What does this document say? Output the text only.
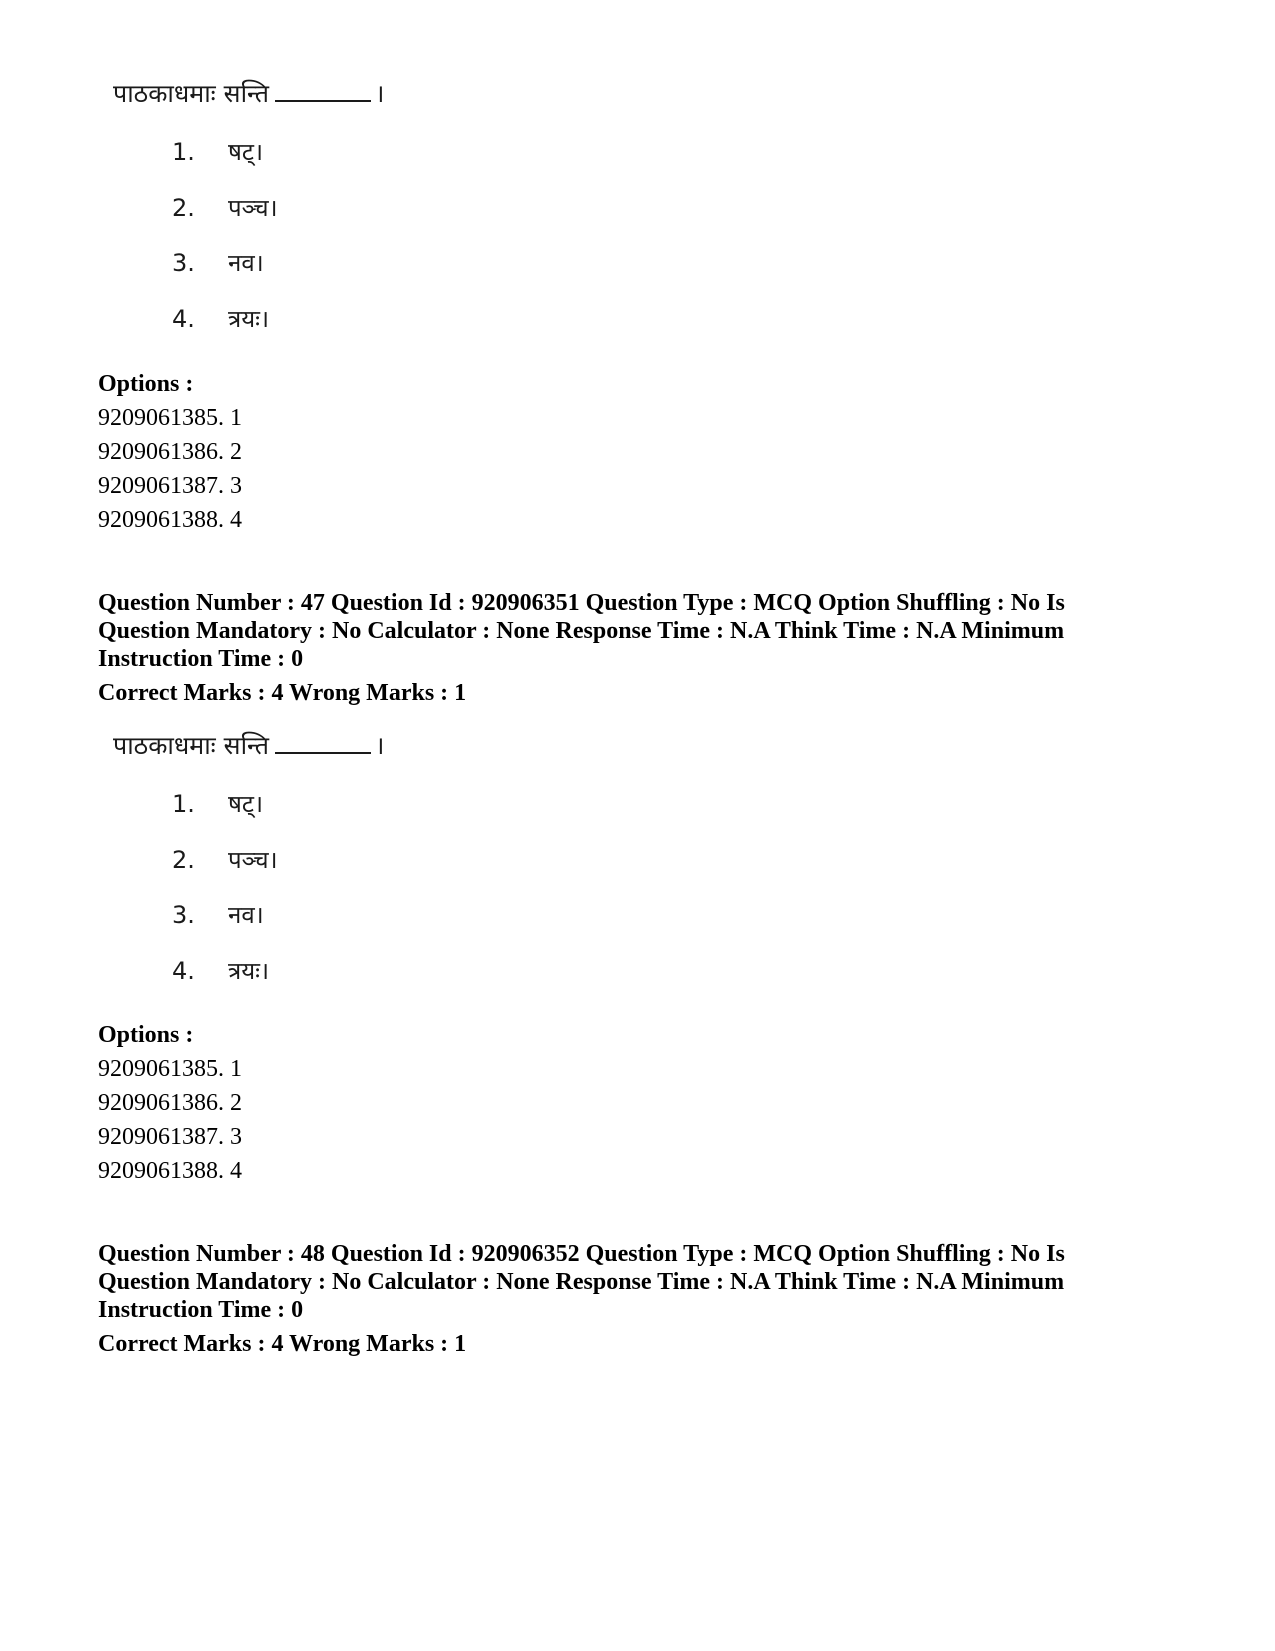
पाठकाधमाः सन्ति	।
1. षट्।
2. पञ्च।
3. नव।
4. त्रयः।
Options :
9209061385. 1
9209061386. 2
9209061387. 3
9209061388. 4
Question Number : 47 Question Id : 920906351 Question Type : MCQ Option Shuffling : No Is
Question Mandatory : No Calculator : None Response Time : N.A Think Time : N.A Minimum
Instruction Time : 0
Correct Marks : 4 Wrong Marks : 1
पाठकाधमाः सन्ति	।
1. षट्।
2. पञ्च।
3. नव।
4. त्रयः।
Options :
9209061385. 1
9209061386. 2
9209061387. 3
9209061388. 4
Question Number : 48 Question Id : 920906352 Question Type : MCQ Option Shuffling : No Is
Question Mandatory : No Calculator : None Response Time : N.A Think Time : N.A Minimum
Instruction Time : 0
Correct Marks : 4 Wrong Marks : 1
